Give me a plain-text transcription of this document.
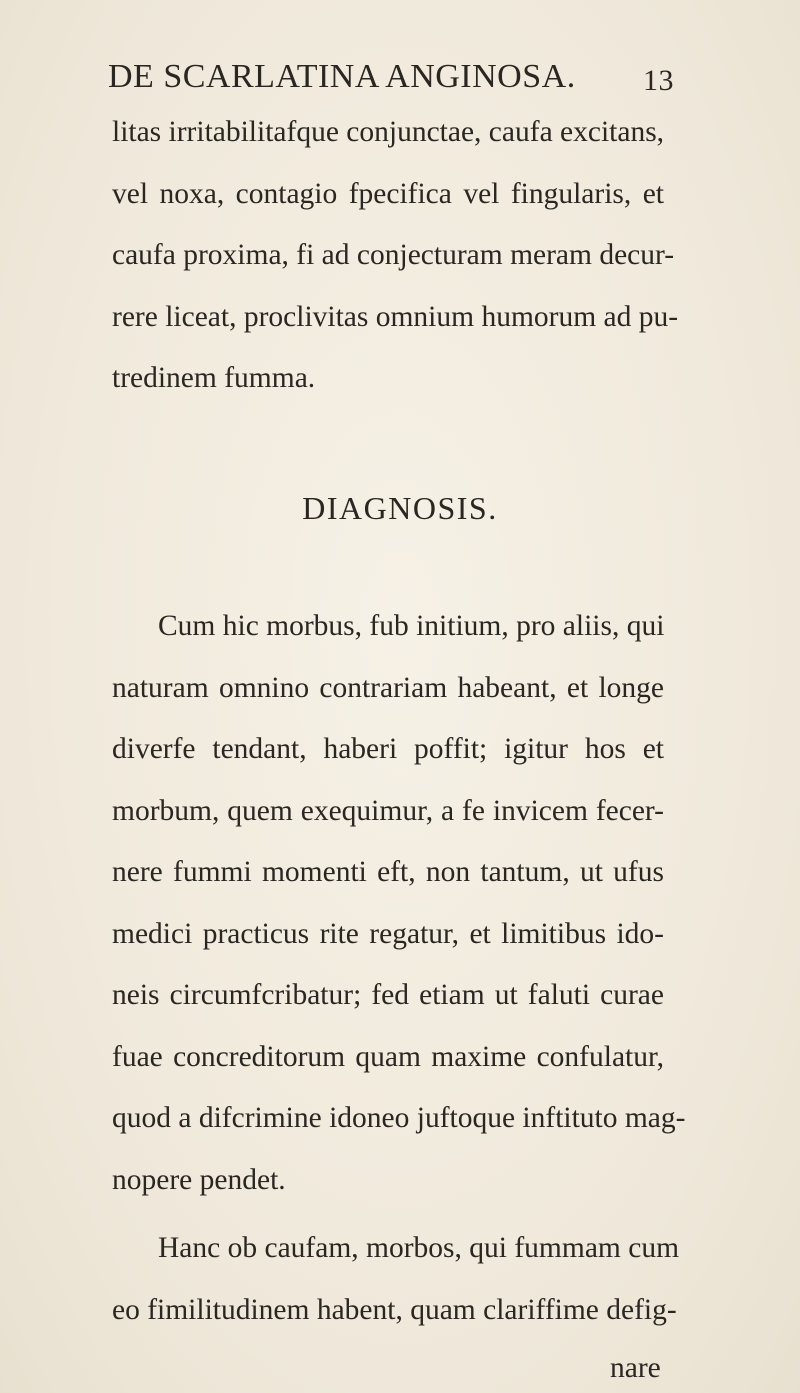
DE SCARLATINA ANGINOSA. 13
litas irritabilitafque conjunctae, caufa excitans,
vel noxa, contagio fpecifica vel fingularis, et
caufa proxima, fi ad conjecturam meram decur-
rere liceat, proclivitas omnium humorum ad pu-
tredinem fumma.
DIAGNOSIS.
Cum hic morbus, fub initium, pro aliis, qui
naturam omnino contrariam habeant, et longe
diverfe tendant, haberi poffit; igitur hos et
morbum, quem exequimur, a fe invicem fecer-
nere fummi momenti eft, non tantum, ut ufus
medici practicus rite regatur, et limitibus ido-
neis circumfcribatur; fed etiam ut faluti curae
fuae concreditorum quam maxime confulatur,
quod a difcrimine idoneo juftoque inftituto mag-
nopere pendet.
Hanc ob caufam, morbos, qui fummam cum
eo fimilitudinem habent, quam clariffime defig-
nare
